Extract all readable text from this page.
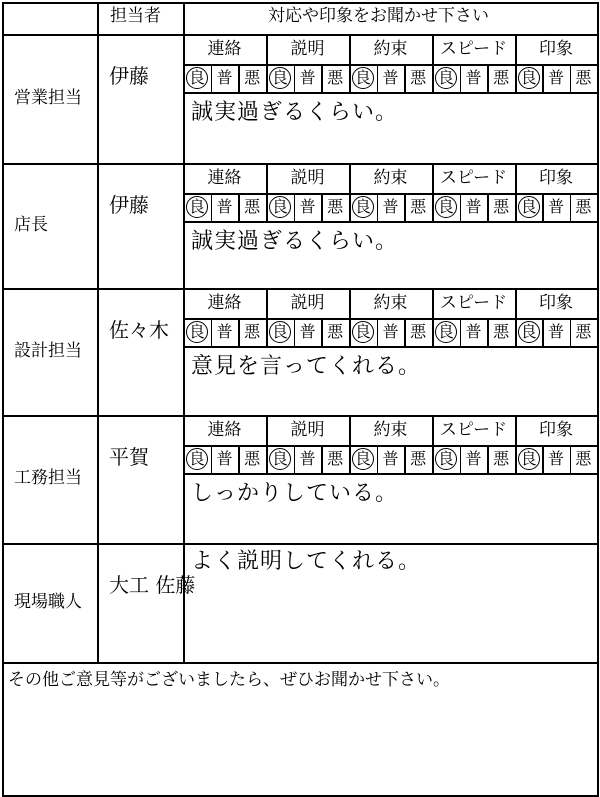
担当者	対応や印象をお聞かせ下さい
営業担当
伊藤
連絡
良 普 悪
説明
良 普 悪
約束
良 普 悪
スピード
良 普 悪
印象
良 普 悪
誠実過ぎるくらい。
店長
伊藤
連絡
良 普 悪
説明
良 普 悪
約束
良 普 悪
スピード
良 普 悪
印象
良 普 悪
誠実過ぎるくらい。
設計担当
佐々木
連絡
良 普 悪
説明
良 普 悪
約束
良 普 悪
スピード
良 普 悪
印象
良 普 悪
意見を言ってくれる。
工務担当
平賀
連絡
良 普 悪
説明
良 普 悪
約束
良 普 悪
スピード
良 普 悪
印象
良 普 悪
しっかりしている。
現場職人
大工 佐藤
よく説明してくれる。
その他ご意見等がございましたら、ぜひお聞かせ下さい。
